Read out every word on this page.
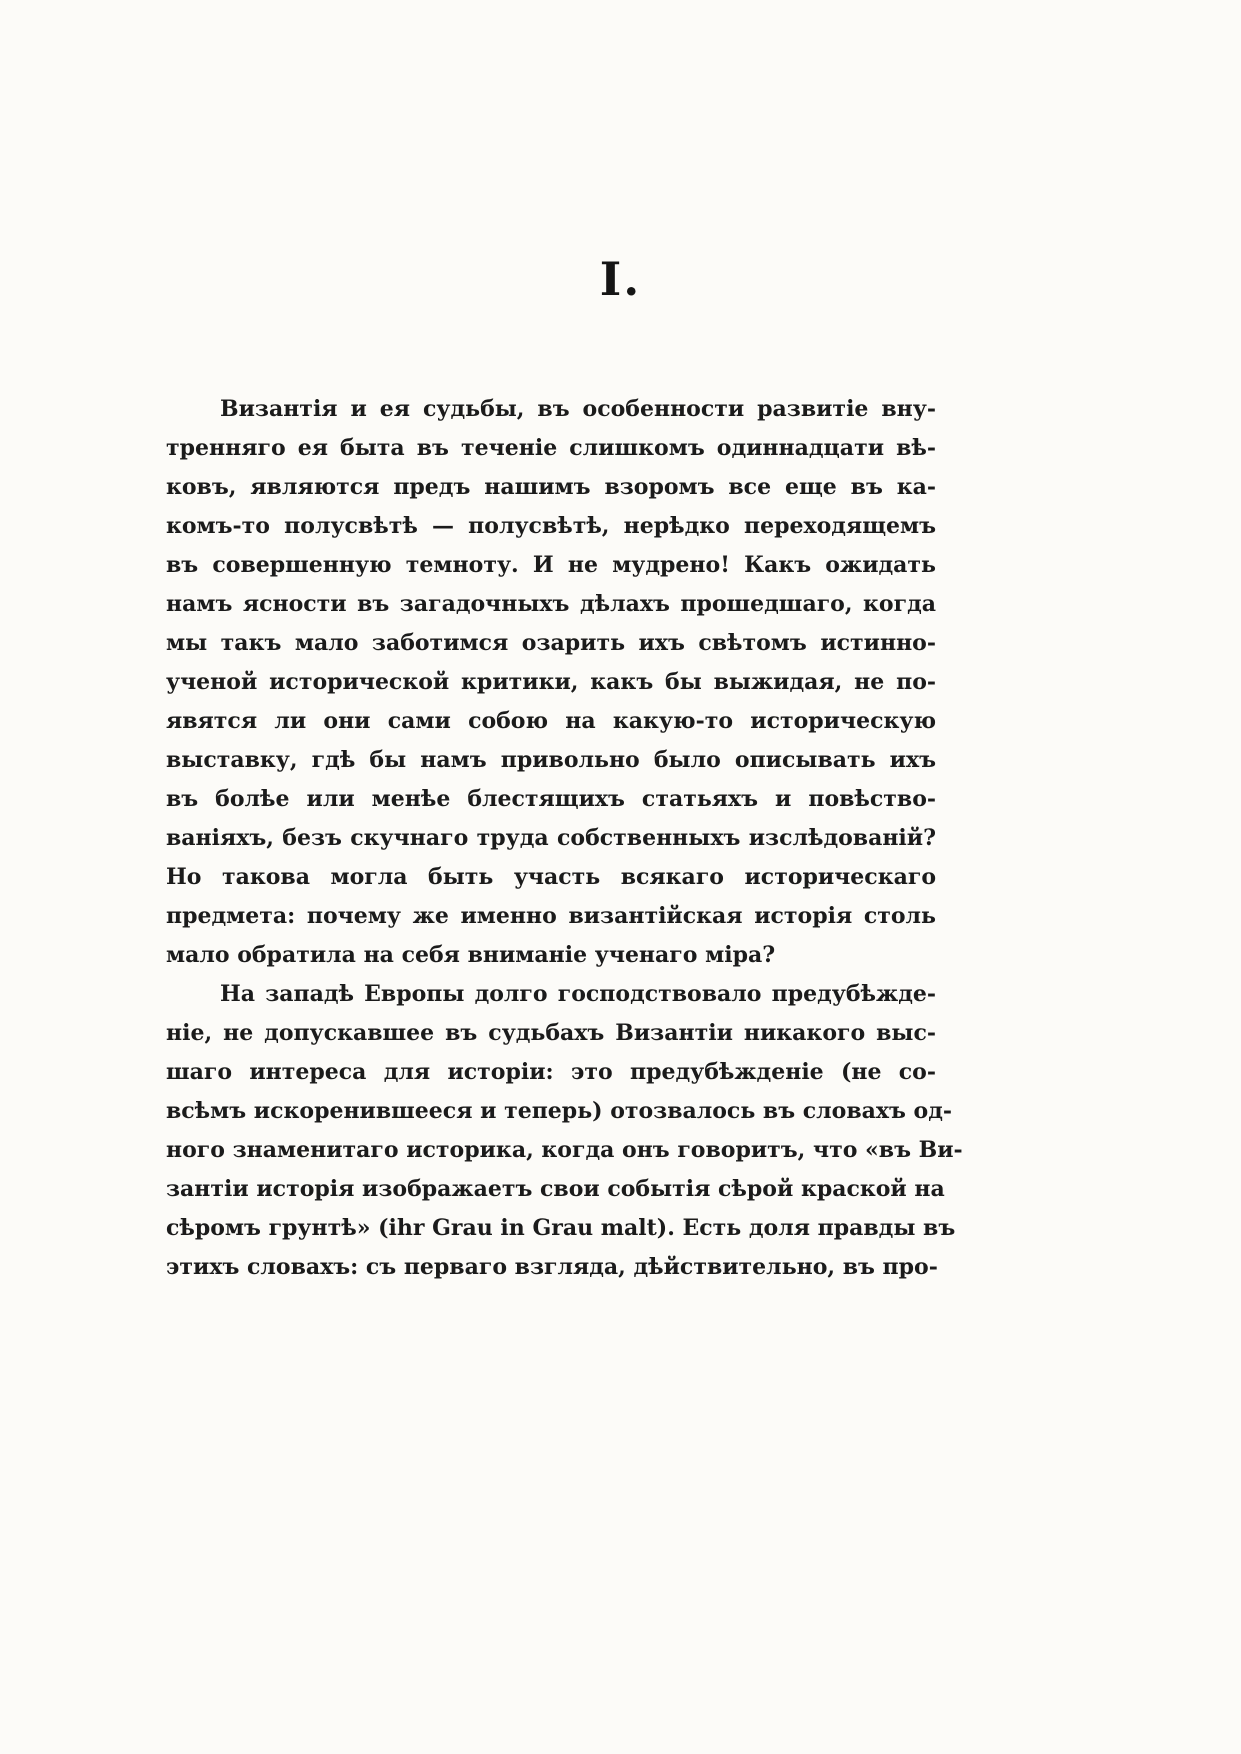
I.

Византія и ея судьбы, въ особенности развитіе вну-
тренняго ея быта въ теченіе слишкомъ одиннадцати вѣ-
ковъ, являются предъ нашимъ взоромъ все еще въ ка-
комъ-то полусвѣтѣ — полусвѣтѣ, нерѣдко переходящемъ
въ совершенную темноту. И не мудрено! Какъ ожидать
намъ ясности въ загадочныхъ дѣлахъ прошедшаго, когда
мы такъ мало заботимся озарить ихъ свѣтомъ истинно-
ученой исторической критики, какъ бы выжидая, не по-
явятся ли они сами собою на какую-то историческую
выставку, гдѣ бы намъ привольно было описывать ихъ
въ болѣе или менѣе блестящихъ статьяхъ и повѣство-
ваніяхъ, безъ скучнаго труда собственныхъ изслѣдованій?
Но такова могла быть участь всякаго историческаго
предмета: почему же именно византійская исторія столь
мало обратила на себя вниманіе ученаго міра?

На западѣ Европы долго господствовало предубѣжде-
ніе, не допускавшее въ судьбахъ Византіи никакого выс-
шаго интереса для исторіи: это предубѣжденіе (не со-
всѣмъ искоренившееся и теперь) отозвалось въ словахъ од-
ного знаменитаго историка, когда онъ говоритъ, что «въ Ви-
зантіи исторія изображаетъ свои событія сѣрой краской на
сѣромъ грунтѣ» (ihr Grau in Grau malt). Есть доля правды въ
этихъ словахъ: съ перваго взгляда, дѣйствительно, въ про-
